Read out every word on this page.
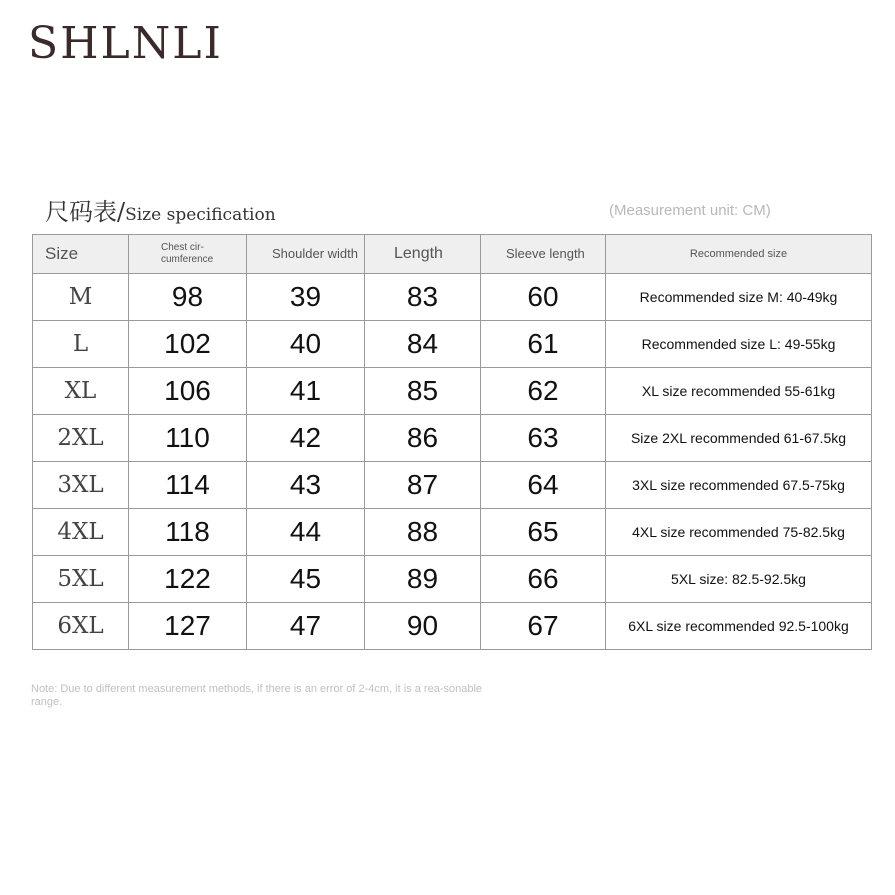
SHLNLI
尺码表/Size specification	(Measurement unit: CM)
Size	Chest cir-cumference	Shoulder width	Length	Sleeve length	Recommended size
M	98	39	83	60	Recommended size M: 40-49kg
L	102	40	84	61	Recommended size L: 49-55kg
XL	106	41	85	62	XL size recommended 55-61kg
2XL	110	42	86	63	Size 2XL recommended 61-67.5kg
3XL	114	43	87	64	3XL size recommended 67.5-75kg
4XL	118	44	88	65	4XL size recommended 75-82.5kg
5XL	122	45	89	66	5XL size: 82.5-92.5kg
6XL	127	47	90	67	6XL size recommended 92.5-100kg
Note: Due to different measurement methods, if there is an error of 2-4cm, it is a rea-sonable range.
